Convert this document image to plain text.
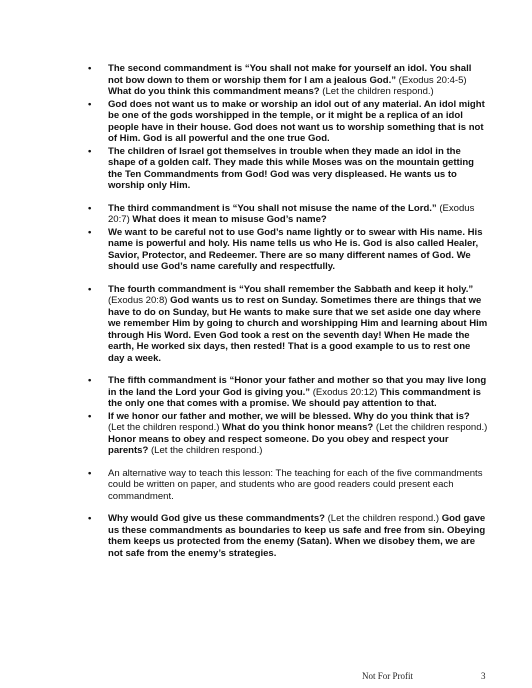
• The second commandment is “You shall not make for yourself an idol. You shall not bow down to them or worship them for I am a jealous God.” (Exodus 20:4-5) What do you think this commandment means? (Let the children respond.)
• God does not want us to make or worship an idol out of any material. An idol might be one of the gods worshipped in the temple, or it might be a replica of an idol people have in their house. God does not want us to worship something that is not of Him. God is all powerful and the one true God.
• The children of Israel got themselves in trouble when they made an idol in the shape of a golden calf. They made this while Moses was on the mountain getting the Ten Commandments from God! God was very displeased. He wants us to worship only Him.
• The third commandment is “You shall not misuse the name of the Lord.” (Exodus 20:7) What does it mean to misuse God’s name?
• We want to be careful not to use God’s name lightly or to swear with His name. His name is powerful and holy. His name tells us who He is. God is also called Healer, Savior, Protector, and Redeemer. There are so many different names of God. We should use God’s name carefully and respectfully.
• The fourth commandment is “You shall remember the Sabbath and keep it holy.” (Exodus 20:8) God wants us to rest on Sunday. Sometimes there are things that we have to do on Sunday, but He wants to make sure that we set aside one day where we remember Him by going to church and worshipping Him and learning about Him through His Word. Even God took a rest on the seventh day! When He made the earth, He worked six days, then rested! That is a good example to us to rest one day a week.
• The fifth commandment is “Honor your father and mother so that you may live long in the land the Lord your God is giving you.” (Exodus 20:12) This commandment is the only one that comes with a promise. We should pay attention to that.
• If we honor our father and mother, we will be blessed. Why do you think that is? (Let the children respond.) What do you think honor means? (Let the children respond.) Honor means to obey and respect someone. Do you obey and respect your parents? (Let the children respond.)
• An alternative way to teach this lesson: The teaching for each of the five commandments could be written on paper, and students who are good readers could present each commandment.
• Why would God give us these commandments? (Let the children respond.) God gave us these commandments as boundaries to keep us safe and free from sin. Obeying them keeps us protected from the enemy (Satan). When we disobey them, we are not safe from the enemy’s strategies.
Not For Profit	3
